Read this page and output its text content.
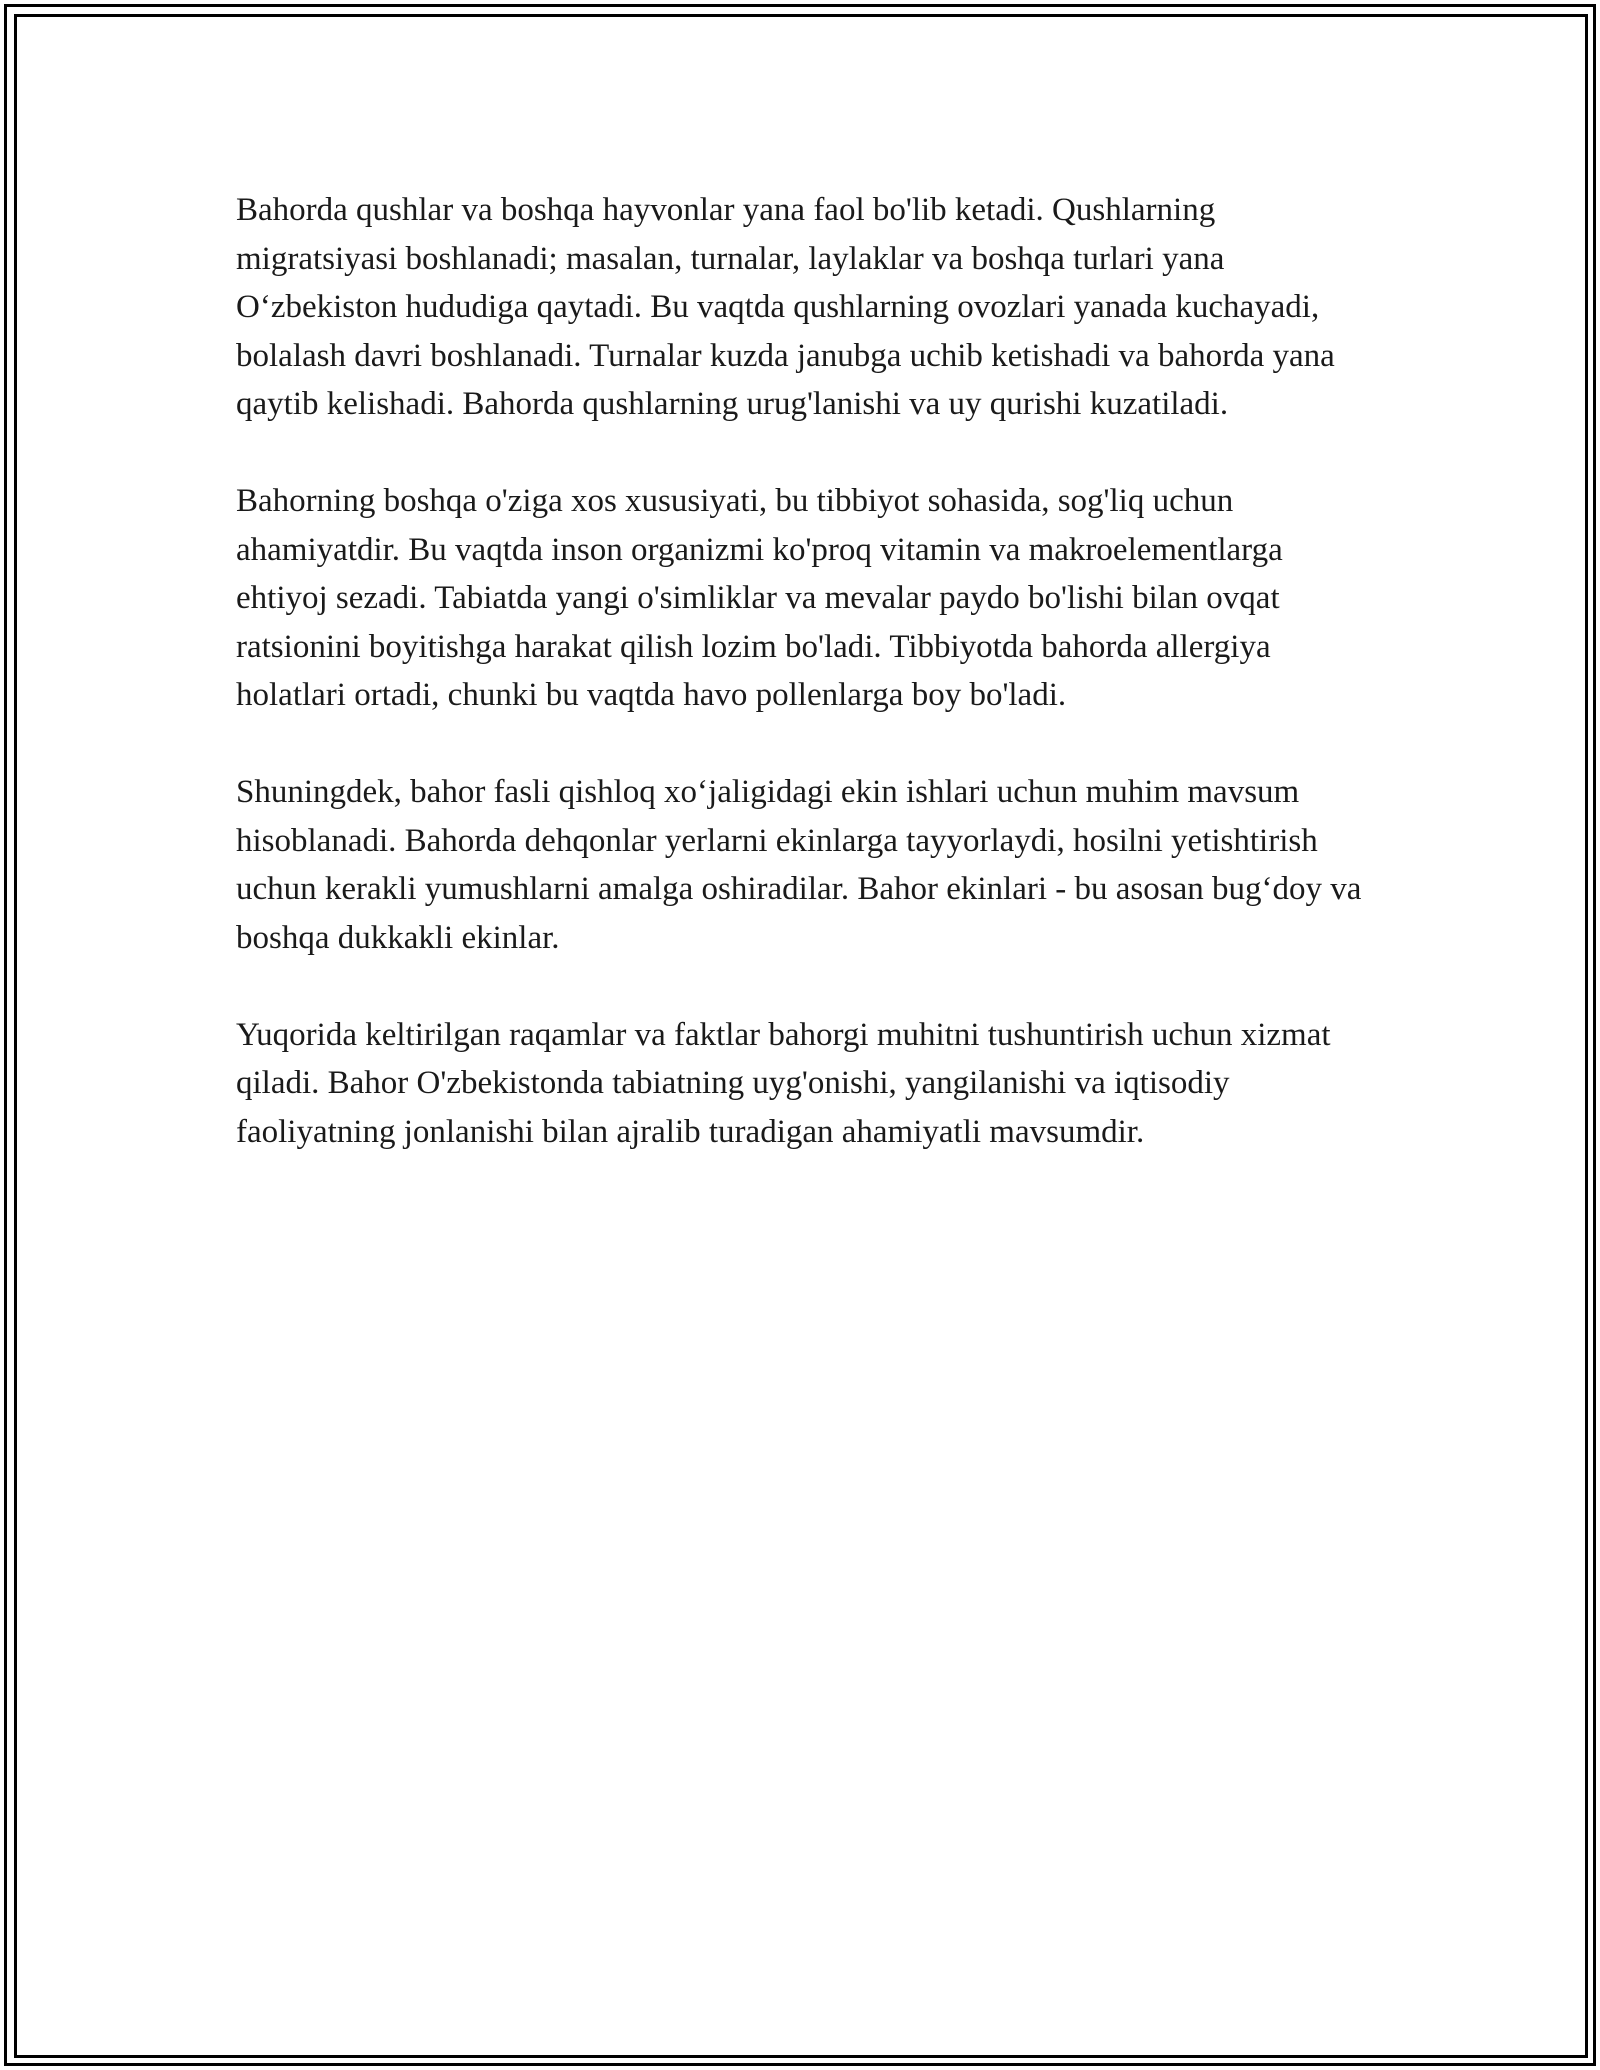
Bahorda qushlar va boshqa hayvonlar yana faol bo'lib ketadi. Qushlarning migratsiyasi boshlanadi; masalan, turnalar, laylaklar va boshqa turlari yana O‘zbekiston hududiga qaytadi. Bu vaqtda qushlarning ovozlari yanada kuchayadi, bolalash davri boshlanadi. Turnalar kuzda janubga uchib ketishadi va bahorda yana qaytib kelishadi. Bahorda qushlarning urug'lanishi va uy qurishi kuzatiladi.

Bahorning boshqa o'ziga xos xususiyati, bu tibbiyot sohasida, sog'liq uchun ahamiyatdir. Bu vaqtda inson organizmi ko'proq vitamin va makroelementlarga ehtiyoj sezadi. Tabiatda yangi o'simliklar va mevalar paydo bo'lishi bilan ovqat ratsionini boyitishga harakat qilish lozim bo'ladi. Tibbiyotda bahorda allergiya holatlari ortadi, chunki bu vaqtda havo pollenlarga boy bo'ladi.

Shuningdek, bahor fasli qishloq xo‘jaligidagi ekin ishlari uchun muhim mavsum hisoblanadi. Bahorda dehqonlar yerlarni ekinlarga tayyorlaydi, hosilni yetishtirish uchun kerakli yumushlarni amalga oshiradilar. Bahor ekinlari - bu asosan bug‘doy va boshqa dukkakli ekinlar.

Yuqorida keltirilgan raqamlar va faktlar bahorgi muhitni tushuntirish uchun xizmat qiladi. Bahor O'zbekistonda tabiatning uyg'onishi, yangilanishi va iqtisodiy faoliyatning jonlanishi bilan ajralib turadigan ahamiyatli mavsumdir.
